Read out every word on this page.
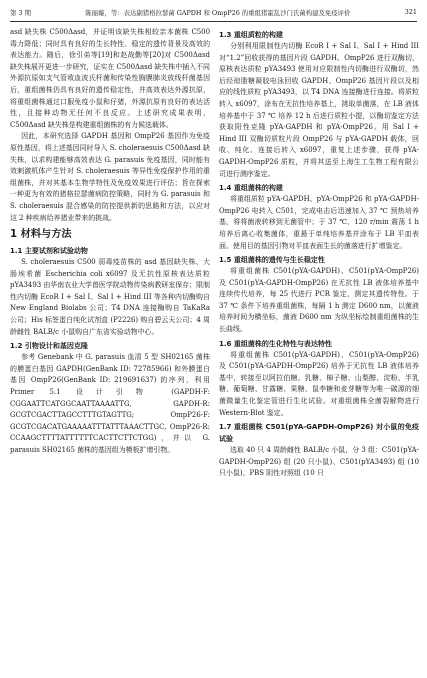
第 3 期	陈丽璇，等：表达副猪格拉瑟菌 GAPDH 和 OmpP26 的重组猪霍乱沙门氏菌构建及免疫评价	321

asd 缺失株 C500Δasd，并证明该缺失株相较亲本菌株 C500 毒力降低；同时具有良好的生长特性、稳定的遗传背景及高效的表达能力。随后，徐引弟等[19]和赵战勤等[20]对 C500Δasd 缺失株展开更进一步研究，证实在 C500Δasd 缺失株中插入不同外源抗原如支气管败血波氏杆菌和传染性胸膜肺炎放线杆菌基因后，重组菌株仍具有良好的遗传稳定性，并高效表达外源抗原，将重组菌株通过口服免疫小鼠和仔猪，外源抗原有良好的表达活性，且接种动物无任何不良反应。上述研究成果表明，C500Δasd 缺失株是构建重组菌株的有力候选载体。

因此，本研究选择 GAPDH 基因和 OmpP26 基因作为免疫原性基因，将上述基因同时导入 S. choleraesuis C500Δasd 缺失株，以求构建能够高效表达 G. parasuis 免疫基因，同时能有效刺激机体产生针对 S. choleraesuis 等异性免疫保护作用的重组菌株，并对其基本生物学特性及免疫效果进行评估；旨在探索一种更为有效的猪格拉瑟菌病防控策略，同时为 G. parasuis 和 S. choleraesuis 混合感染的防控提供新的思路和方法，以应对这 2 种疾病给养猪业带来的挑战。

1 材料与方法
1.1 主要试剂和试验动物

S. choleraesuis C500 弱毒疫苗株的 asd 基因缺失株、大肠埃希菌 Escherichia coli x6097 及无抗性原核表达质粒 pYA3493 由华南农业大学兽医学院动物传染病教研室保存；限制性内切酶 EcoR I + Sal I、Sal I + Hind III 等各种内切酶购自 New England Biolabs 公司；T4 DNA 连接酶购自 TaKaRa 公司；His 标签蛋白纯化试剂盒 (P2226) 购自碧云天公司；4 周龄雌性 BALB/c 小鼠购自广东省实验动物中心。

1.2 引物设计和基因克隆

参考 Genebank 中 G. parasuis 血清 5 型 SH02165 菌株的膜蛋白基因 GAPDH(GenBank ID: 72785966) 和外膜蛋白基因 OmpP26(GenBank ID: 219691637) 的序列，利用 Primer 5.1 设计引物 (GAPDH-F: CGGAATTCATGGCAATTAAAATTG, GAPDH-R: GCGTCGACTTAGCCTTTGTAGTTG; OmpP26-F: GCGTCGACATGAAAAATTTATTTAAACTTGC, OmpP26-R: CCAAGCTTTTATTTTTTCACTTCTTCTGG)，并以 G. parasuis SH02165 菌株的基因组为模板扩增引物。

1.3 重组质粒的构建

分别利用限制性内切酶 EcoR I + Sal I、Sal I + Hind III 对“1.2”回收获得的基因片段 GAPDH、OmpP26 进行双酶切，原核表达质粒 pYA3493 使用对应限制性内切酶进行双酶切，然后经琼脂糖凝胶电泳回收 GAPDH、OmpP26 基因片段以及相应的线性质粒 pYA3493，以 T4 DNA 连接酶进行连接。将质粒转入 x6097，涂布在无抗性培养基上，挑取单菌落，在 LB 液体培养基中于 37 ℃ 培养 12 h 后进行质粒小提，以酶切鉴定方法获取阳性克隆 pYA-GAPDH 和 pYA-OmpP26。用 Sal I + Hind III 双酶切质粒片段 OmpP26 与 pYA-GAPDH 载体，回收、纯化、连接后转入 x6097，重复上述步骤，获得 pYA-GAPDH-OmpP26 质粒，并将其送至上海生工生物工程有限公司进行测序鉴定。

1.4 重组菌株的构建

将重组质粒 pYA-GAPDH、pYA-OmpP26 和 pYA-GAPDH-OmpP26 电转入 C501，完成电击后迅速加入 37 ℃ 预热培养基，将将菌液转移到无菌管中；于 37 ℃、120 r/min 震荡 1 h 培养后离心收集菌体，重悬于单纯培养基并涂布于 LB 平皿表面。使用目的基因引物对平皿表面生长的菌落进行扩增鉴定。

1.5 重组菌株的遗传与生长稳定性

将重组菌株 C501(pYA-GAPDH)、C501(pYA-OmpP26) 及 C501(pYA-GAPDH-OmpP26) 在无抗性 LB 液体培养基中连续传代培养，每 25 代进行 PCR 鉴定，测定其遗传特性。于 37 ℃ 条件下培养重组菌株，每隔 1 h 测定 D600 nm，以菌液培养时间为横坐标，菌液 D600 nm 为纵坐标绘制重组菌株的生长曲线。

1.6 重组菌株的生化特性与表达特性

将重组菌株 C501(pYA-GAPDH)、C501(pYA-OmpP26) 及 C501(pYA-GAPDH-OmpP26) 培养于无抗性 LB 液体培养基中，转接至以阿拉伯糖、乳糖、棉子糖、山梨醇、淀粉、半乳糖、葡萄糖、甘露糖、果糖、鼠李糖和麦芽糖等为唯一碳源的细菌微量生化鉴定管进行生化试验。对重组菌株全菌裂解物进行 Western-Blot 鉴定。

1.7 重组菌株 C501(pYA-GAPDH-OmpP26) 对小鼠的免疫试验

选取 40 只 4 周龄雌性 BALB/c 小鼠，分 3 组：C501(pYA-GAPDH-OmpP26) 组 (20 只小鼠)、C501(pYA3493) 组 (10 只小鼠)、PBS 阴性对照组 (10 只
